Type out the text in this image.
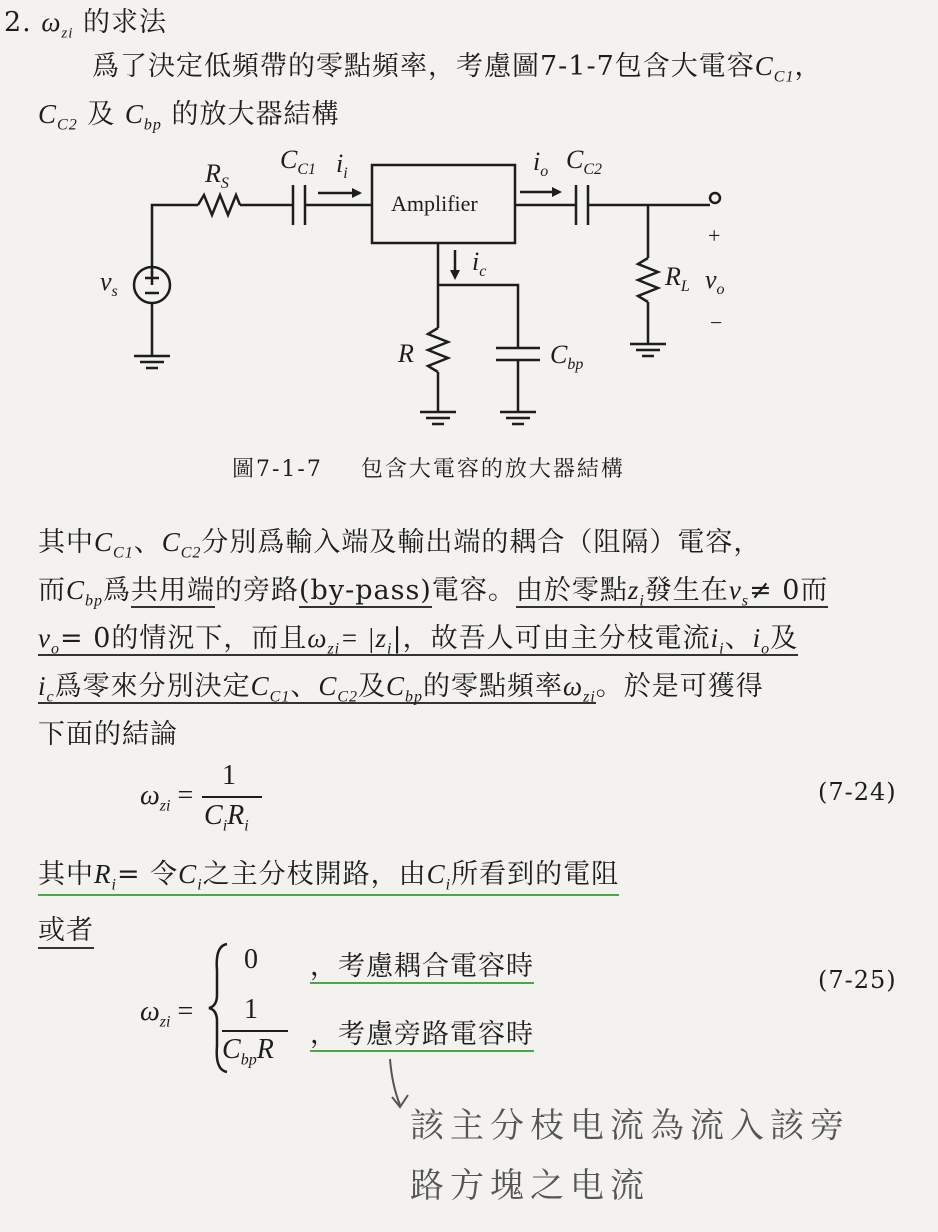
2. $\omega_{zi}$ 的求法
爲了決定低頻帶的零點頻率，考慮圖7-1-7包含大電容$C_{C1}$，
$C_{C2}$ 及 $C_{bp}$ 的放大器結構
$R_S$
$C_{C1}$ $i_i$	$i_o$ $C_{C2}$
$v_s$
$i_c$	$R_L$ $v_o$
R	$C_{bp}$
Amplifier
+
−
圖7-1-7 包含大電容的放大器結構
其中$C_{C1}$、$C_{C2}$分別爲輸入端及輸出端的耦合（阻隔）電容，
而$C_{bp}$爲共用端的旁路(by-pass)電容。由於零點$z_i$發生在$v_s\ne 0$而
$v_o= 0$的情況下，而且$\omega_{zi}= |z_i|$，故吾人可由主分枝電流$i_i$、$i_o$及
$i_c$爲零來分別決定$C_{C1}$、$C_{C2}$及$C_{bp}$的零點頻率$\omega_{zi}$。於是可獲得
下面的結論
$\omega_{zi}$ =
1
$C_iR_i$
(7-24)
其中$R_i=$ 令$C_i$之主分枝開路，由$C_i$所看到的電阻
或者
$\omega_{zi}$ =
0 ，考慮耦合電容時
1
$C_{bp}R$ ，考慮旁路電容時
(7-25)
該主分枝电流為流入該旁
路方塊之电流
